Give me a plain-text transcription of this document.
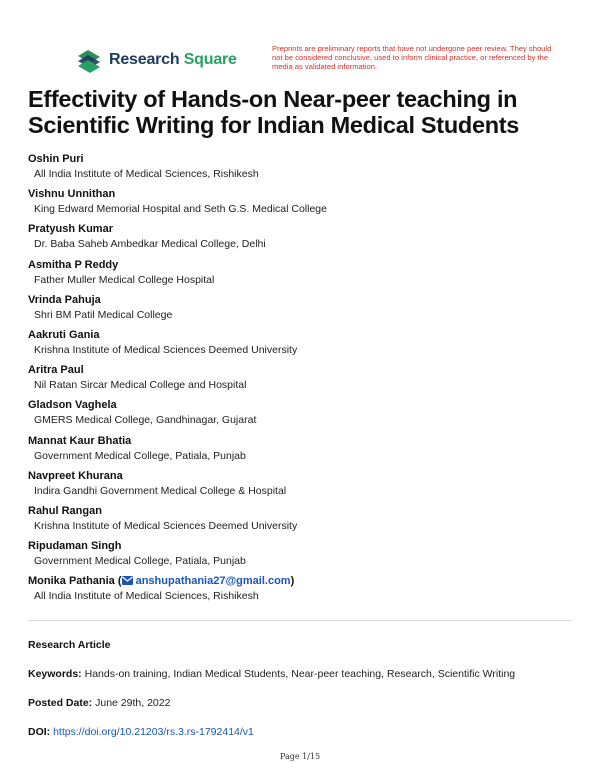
Research Square
Preprints are preliminary reports that have not undergone peer review. They should not be considered conclusive, used to inform clinical practice, or referenced by the media as validated information.
Effectivity of Hands-on Near-peer teaching in Scientific Writing for Indian Medical Students
Oshin Puri
All India Institute of Medical Sciences, Rishikesh
Vishnu Unnithan
King Edward Memorial Hospital and Seth G.S. Medical College
Pratyush Kumar
Dr. Baba Saheb Ambedkar Medical College, Delhi
Asmitha P Reddy
Father Muller Medical College Hospital
Vrinda Pahuja
Shri BM Patil Medical College
Aakruti Gania
Krishna Institute of Medical Sciences Deemed University
Aritra Paul
Nil Ratan Sircar Medical College and Hospital
Gladson Vaghela
GMERS Medical College, Gandhinagar, Gujarat
Mannat Kaur Bhatia
Government Medical College, Patiala, Punjab
Navpreet Khurana
Indira Gandhi Government Medical College & Hospital
Rahul Rangan
Krishna Institute of Medical Sciences Deemed University
Ripudaman Singh
Government Medical College, Patiala, Punjab
Monika Pathania ( anshupathania27@gmail.com)
All India Institute of Medical Sciences, Rishikesh
Research Article
Keywords: Hands-on training, Indian Medical Students, Near-peer teaching, Research, Scientific Writing
Posted Date: June 29th, 2022
DOI: https://doi.org/10.21203/rs.3.rs-1792414/v1
Page 1/15
